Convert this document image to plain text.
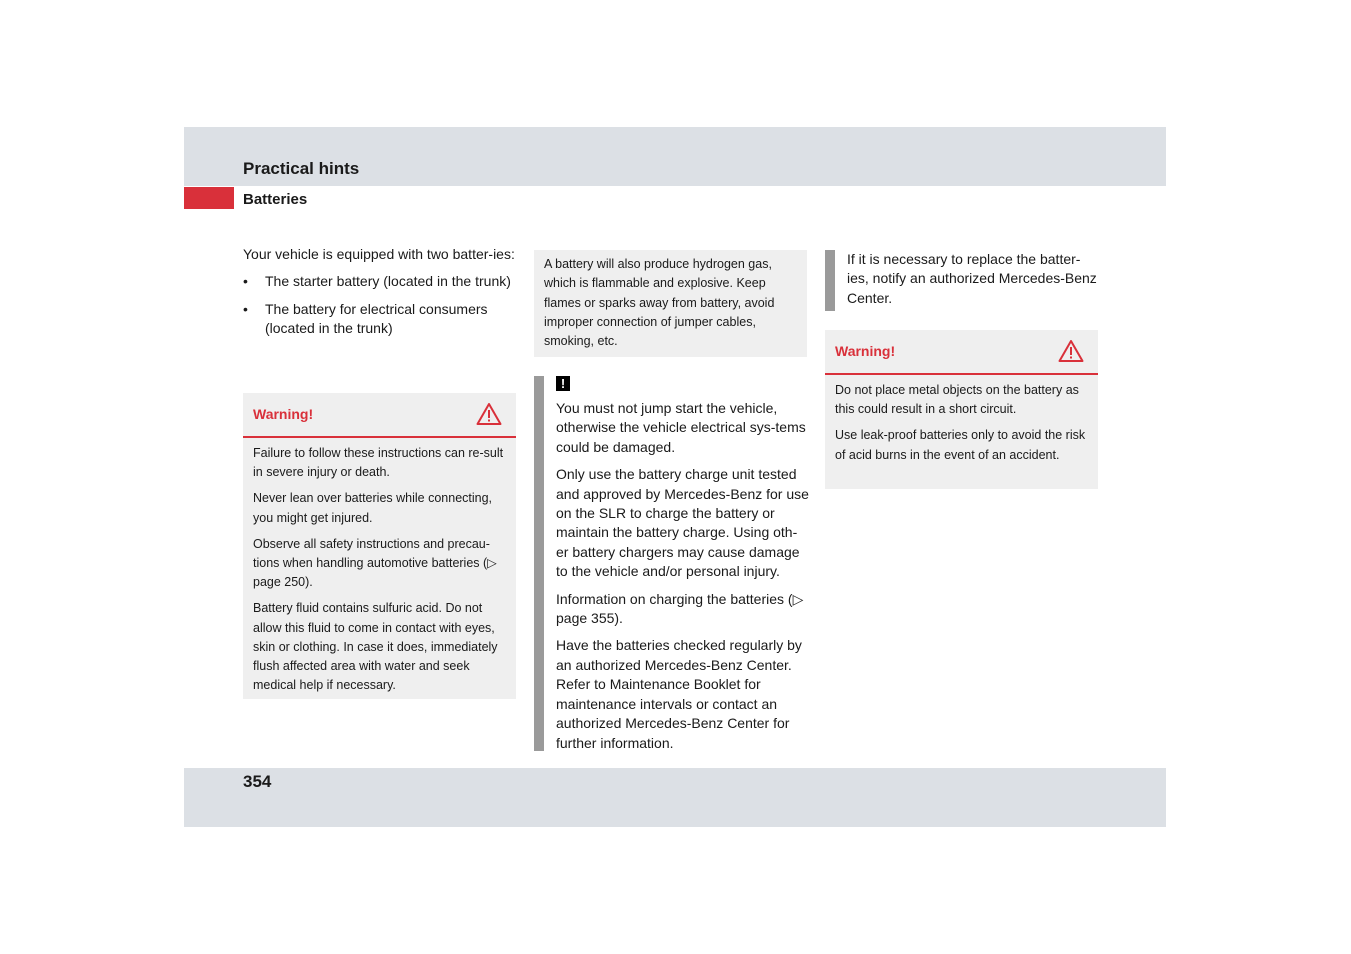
Practical hints
Batteries

Your vehicle is equipped with two batter-ies:

• The starter battery (located in the trunk)
• The battery for electrical consumers (located in the trunk)
Warning!

Failure to follow these instructions can re-sult in severe injury or death.

Never lean over batteries while connecting, you might get injured.

Observe all safety instructions and precau-tions when handling automotive batteries (▷ page 250).

Battery fluid contains sulfuric acid. Do not allow this fluid to come in contact with eyes, skin or clothing. In case it does, immediately flush affected area with water and seek medical help if necessary.

A battery will also produce hydrogen gas, which is flammable and explosive. Keep flames or sparks away from battery, avoid improper connection of jumper cables, smoking, etc.

!

You must not jump start the vehicle, otherwise the vehicle electrical sys-tems could be damaged.

Only use the battery charge unit tested and approved by Mercedes-Benz for use on the SLR to charge the battery or maintain the battery charge. Using oth-er battery chargers may cause damage to the vehicle and/or personal injury.

Information on charging the batteries (▷ page 355).

Have the batteries checked regularly by an authorized Mercedes-Benz Center. Refer to Maintenance Booklet for maintenance intervals or contact an authorized Mercedes-Benz Center for further information.

If it is necessary to replace the batter-ies, notify an authorized Mercedes-Benz Center.

Warning!

Do not place metal objects on the battery as this could result in a short circuit.

Use leak-proof batteries only to avoid the risk of acid burns in the event of an accident.

354
